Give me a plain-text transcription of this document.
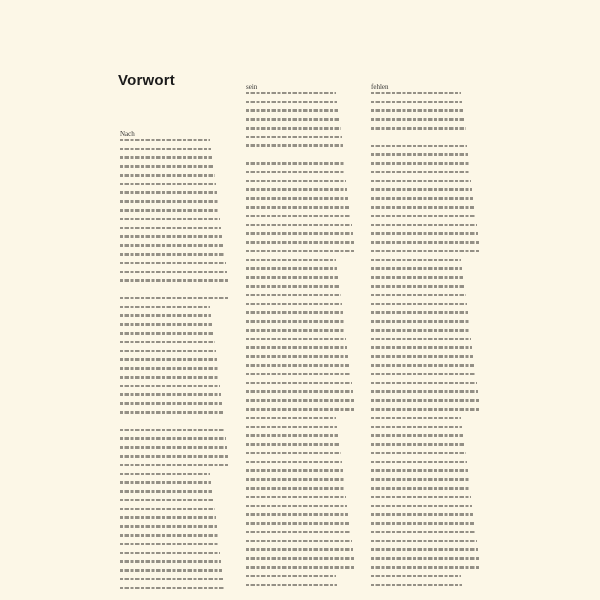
Vorwort
Nach
sein	fehlen
